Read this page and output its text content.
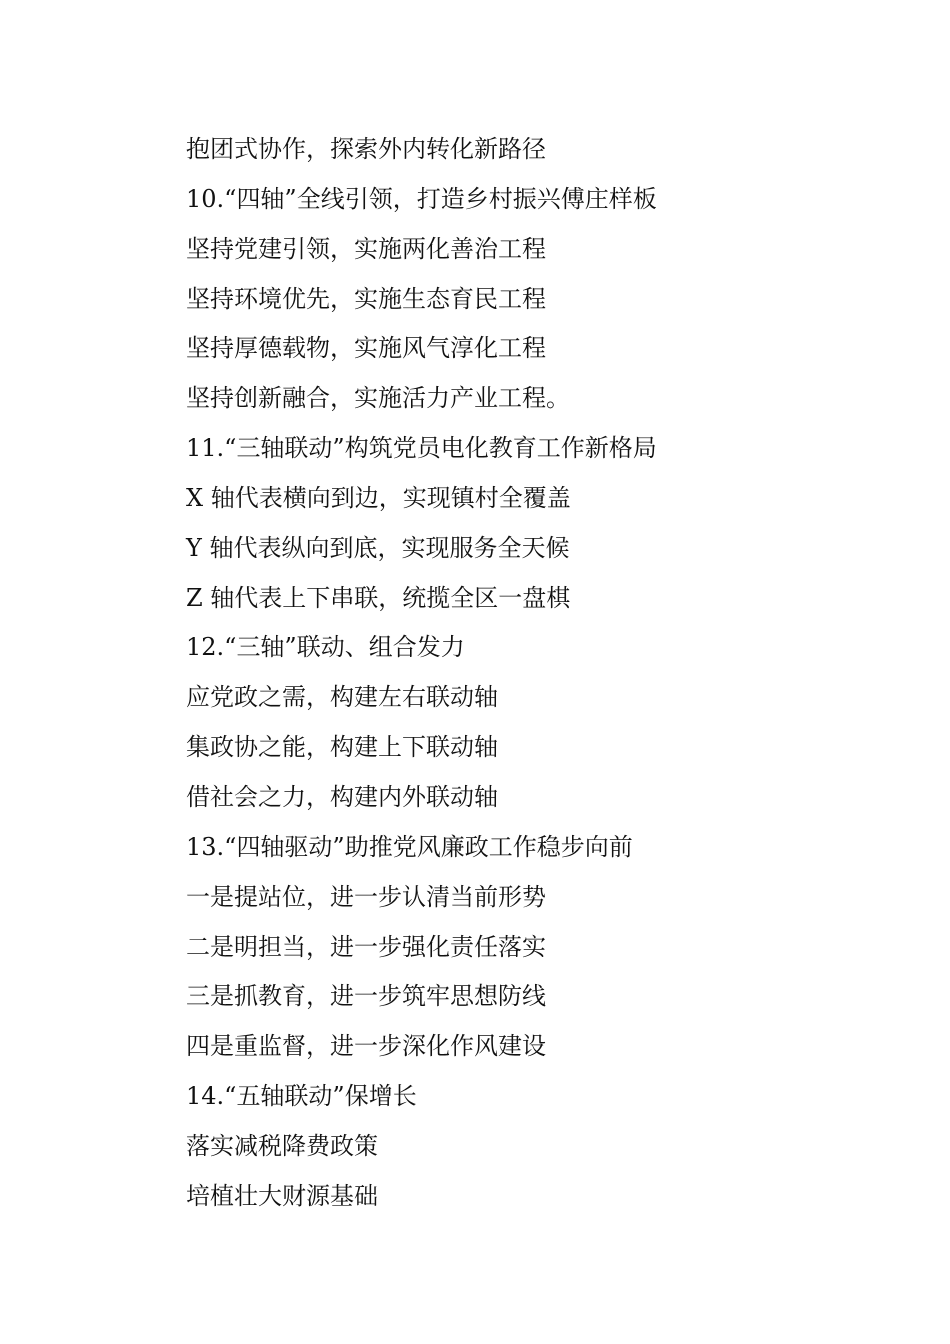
抱团式协作，探索外内转化新路径
10.“四轴”全线引领，打造乡村振兴傅庄样板
坚持党建引领，实施两化善治工程
坚持环境优先，实施生态育民工程
坚持厚德载物，实施风气淳化工程
坚持创新融合，实施活力产业工程。
11.“三轴联动”构筑党员电化教育工作新格局
X 轴代表横向到边，实现镇村全覆盖
Y 轴代表纵向到底，实现服务全天候
Z 轴代表上下串联，统揽全区一盘棋
12.“三轴”联动、组合发力
应党政之需，构建左右联动轴
集政协之能，构建上下联动轴
借社会之力，构建内外联动轴
13.“四轴驱动”助推党风廉政工作稳步向前
一是提站位，进一步认清当前形势
二是明担当，进一步强化责任落实
三是抓教育，进一步筑牢思想防线
四是重监督，进一步深化作风建设
14.“五轴联动”保增长
落实减税降费政策
培植壮大财源基础
